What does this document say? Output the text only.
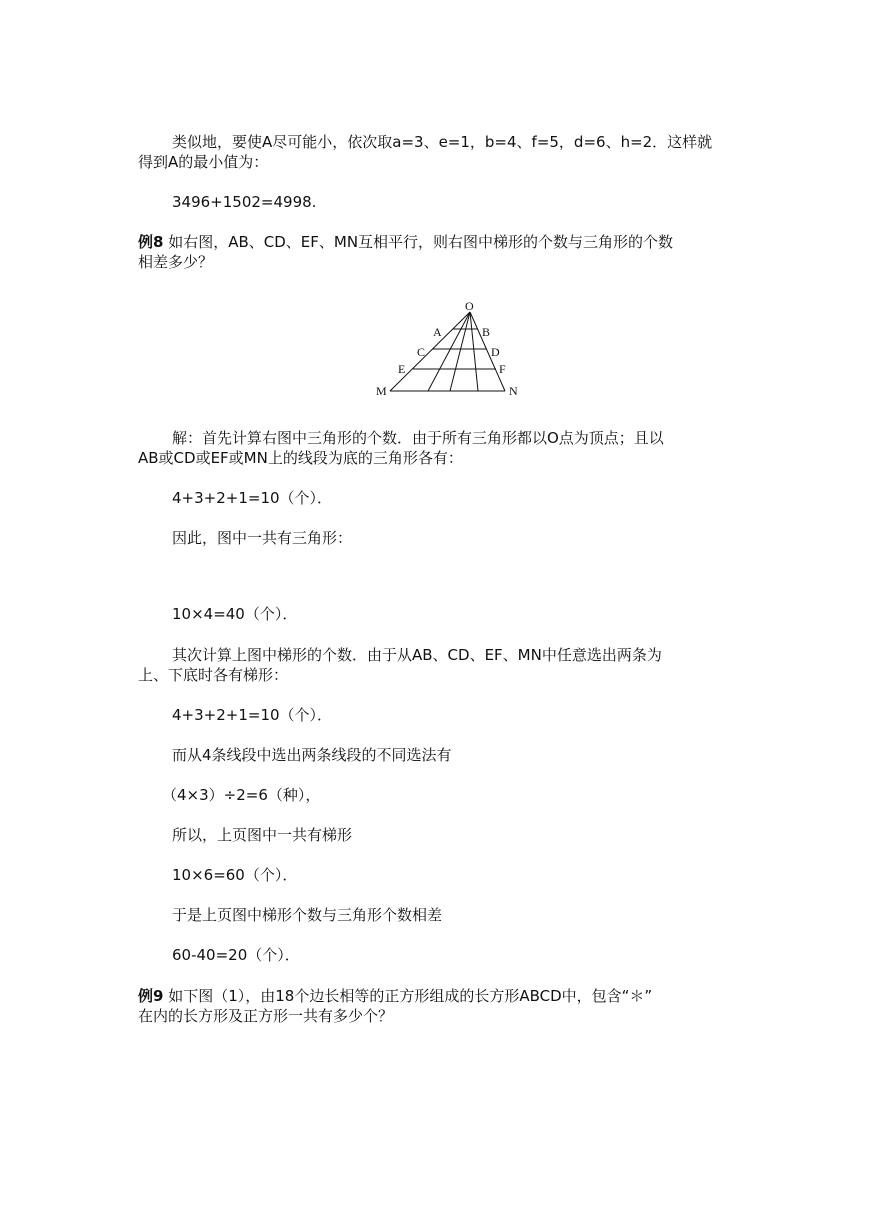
类似地，要使A尽可能小，依次取a=3、e=1，b=4、f=5，d=6、h=2．这样就
得到A的最小值为：
3496+1502=4998.
例8 如右图，AB、CD、EF、MN互相平行，则右图中梯形的个数与三角形的个数
相差多少？
O
A	B
C	D
E	F
M	N
解：首先计算右图中三角形的个数．由于所有三角形都以O点为顶点；且以
AB或CD或EF或MN上的线段为底的三角形各有：
4+3+2+1=10（个）．
因此，图中一共有三角形：
10×4=40（个）．
其次计算上图中梯形的个数．由于从AB、CD、EF、MN中任意选出两条为
上、下底时各有梯形：
4+3+2+1=10（个）．
而从4条线段中选出两条线段的不同选法有
（4×3）÷2=6（种），
所以，上页图中一共有梯形
10×6=60（个）．
于是上页图中梯形个数与三角形个数相差
60-40=20（个）．
例9 如下图（1），由18个边长相等的正方形组成的长方形ABCD中，包含“＊”
在内的长方形及正方形一共有多少个？
